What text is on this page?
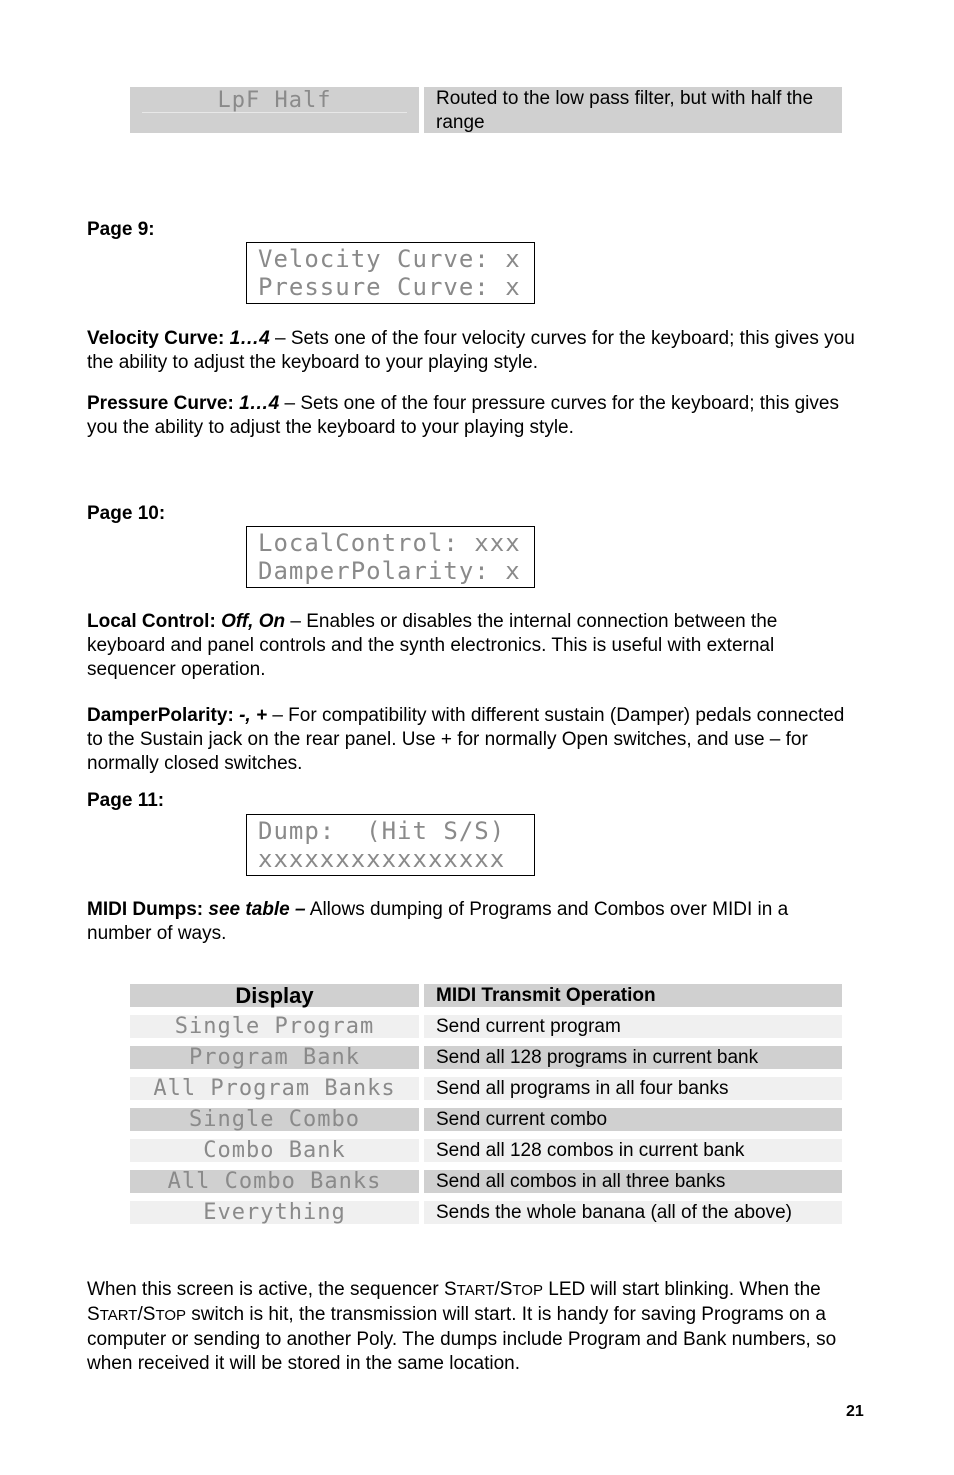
LpF Half	Routed to the low pass filter, but with half the range
Page 9:
Velocity Curve: x
Pressure Curve: x
Velocity Curve: 1…4 – Sets one of the four velocity curves for the keyboard; this gives you the ability to adjust the keyboard to your playing style.
Pressure Curve: 1…4 – Sets one of the four pressure curves for the keyboard; this gives you the ability to adjust the keyboard to your playing style.
Page 10:
LocalControl: xxx
DamperPolarity: x
Local Control: Off, On – Enables or disables the internal connection between the keyboard and panel controls and the synth electronics. This is useful with external sequencer operation.
DamperPolarity: -, + – For compatibility with different sustain (Damper) pedals connected to the Sustain jack on the rear panel. Use + for normally Open switches, and use – for normally closed switches.
Page 11:
Dump:  (Hit S/S)
xxxxxxxxxxxxxxxx
MIDI Dumps: see table – Allows dumping of Programs and Combos over MIDI in a number of ways.
Display	MIDI Transmit Operation
Single Program	Send current program
Program Bank	Send all 128 programs in current bank
All Program Banks	Send all programs in all four banks
Single Combo	Send current combo
Combo Bank	Send all 128 combos in current bank
All Combo Banks	Send all combos in all three banks
Everything	Sends the whole banana (all of the above)
When this screen is active, the sequencer START/STOP LED will start blinking. When the START/STOP switch is hit, the transmission will start. It is handy for saving Programs on a computer or sending to another Poly. The dumps include Program and Bank numbers, so when received it will be stored in the same location.
21
